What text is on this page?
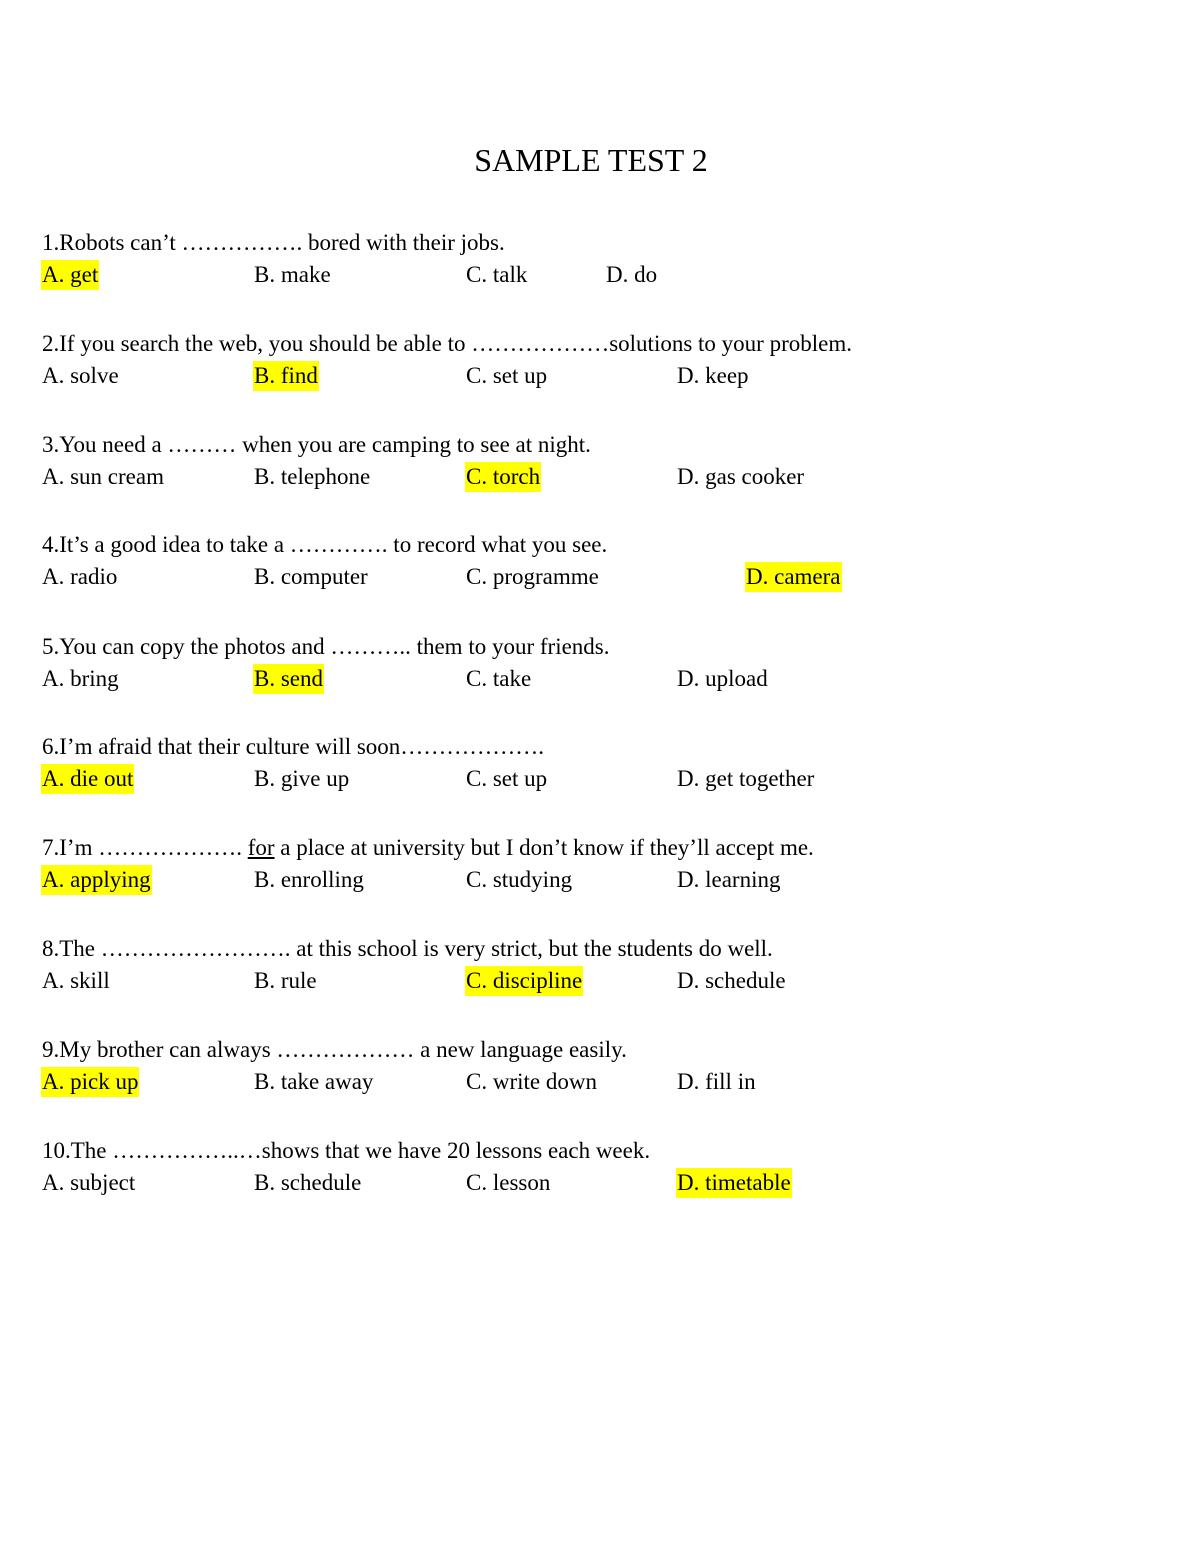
SAMPLE TEST 2
1.Robots can’t ……………. bored with their jobs.
A. get	B. make	C. talk	D. do
2.If you search the web, you should be able to ………………solutions to your problem.
A. solve	B. find	C. set up	D. keep
3.You need a ……… when you are camping to see at night.
A. sun cream	B. telephone	C. torch	D. gas cooker
4.It’s a good idea to take a …………. to record what you see.
A. radio	B. computer	C. programme	D. camera
5.You can copy the photos and ……….. them to your friends.
A. bring	B. send	C. take	D. upload
6.I’m afraid that their culture will soon……………….
A. die out	B. give up	C. set up	D. get together
7.I’m ………………. for a place at university but I don’t know if they’ll accept me.
A. applying	B. enrolling	C. studying	D. learning
8.The ……………………. at this school is very strict, but the students do well.
A. skill	B. rule	C. discipline	D. schedule
9.My brother can always ……………… a new language easily.
A. pick up	B. take away	C. write down	D. fill in
10.The ……………..…shows that we have 20 lessons each week.
A. subject	B. schedule	C. lesson	D. timetable
